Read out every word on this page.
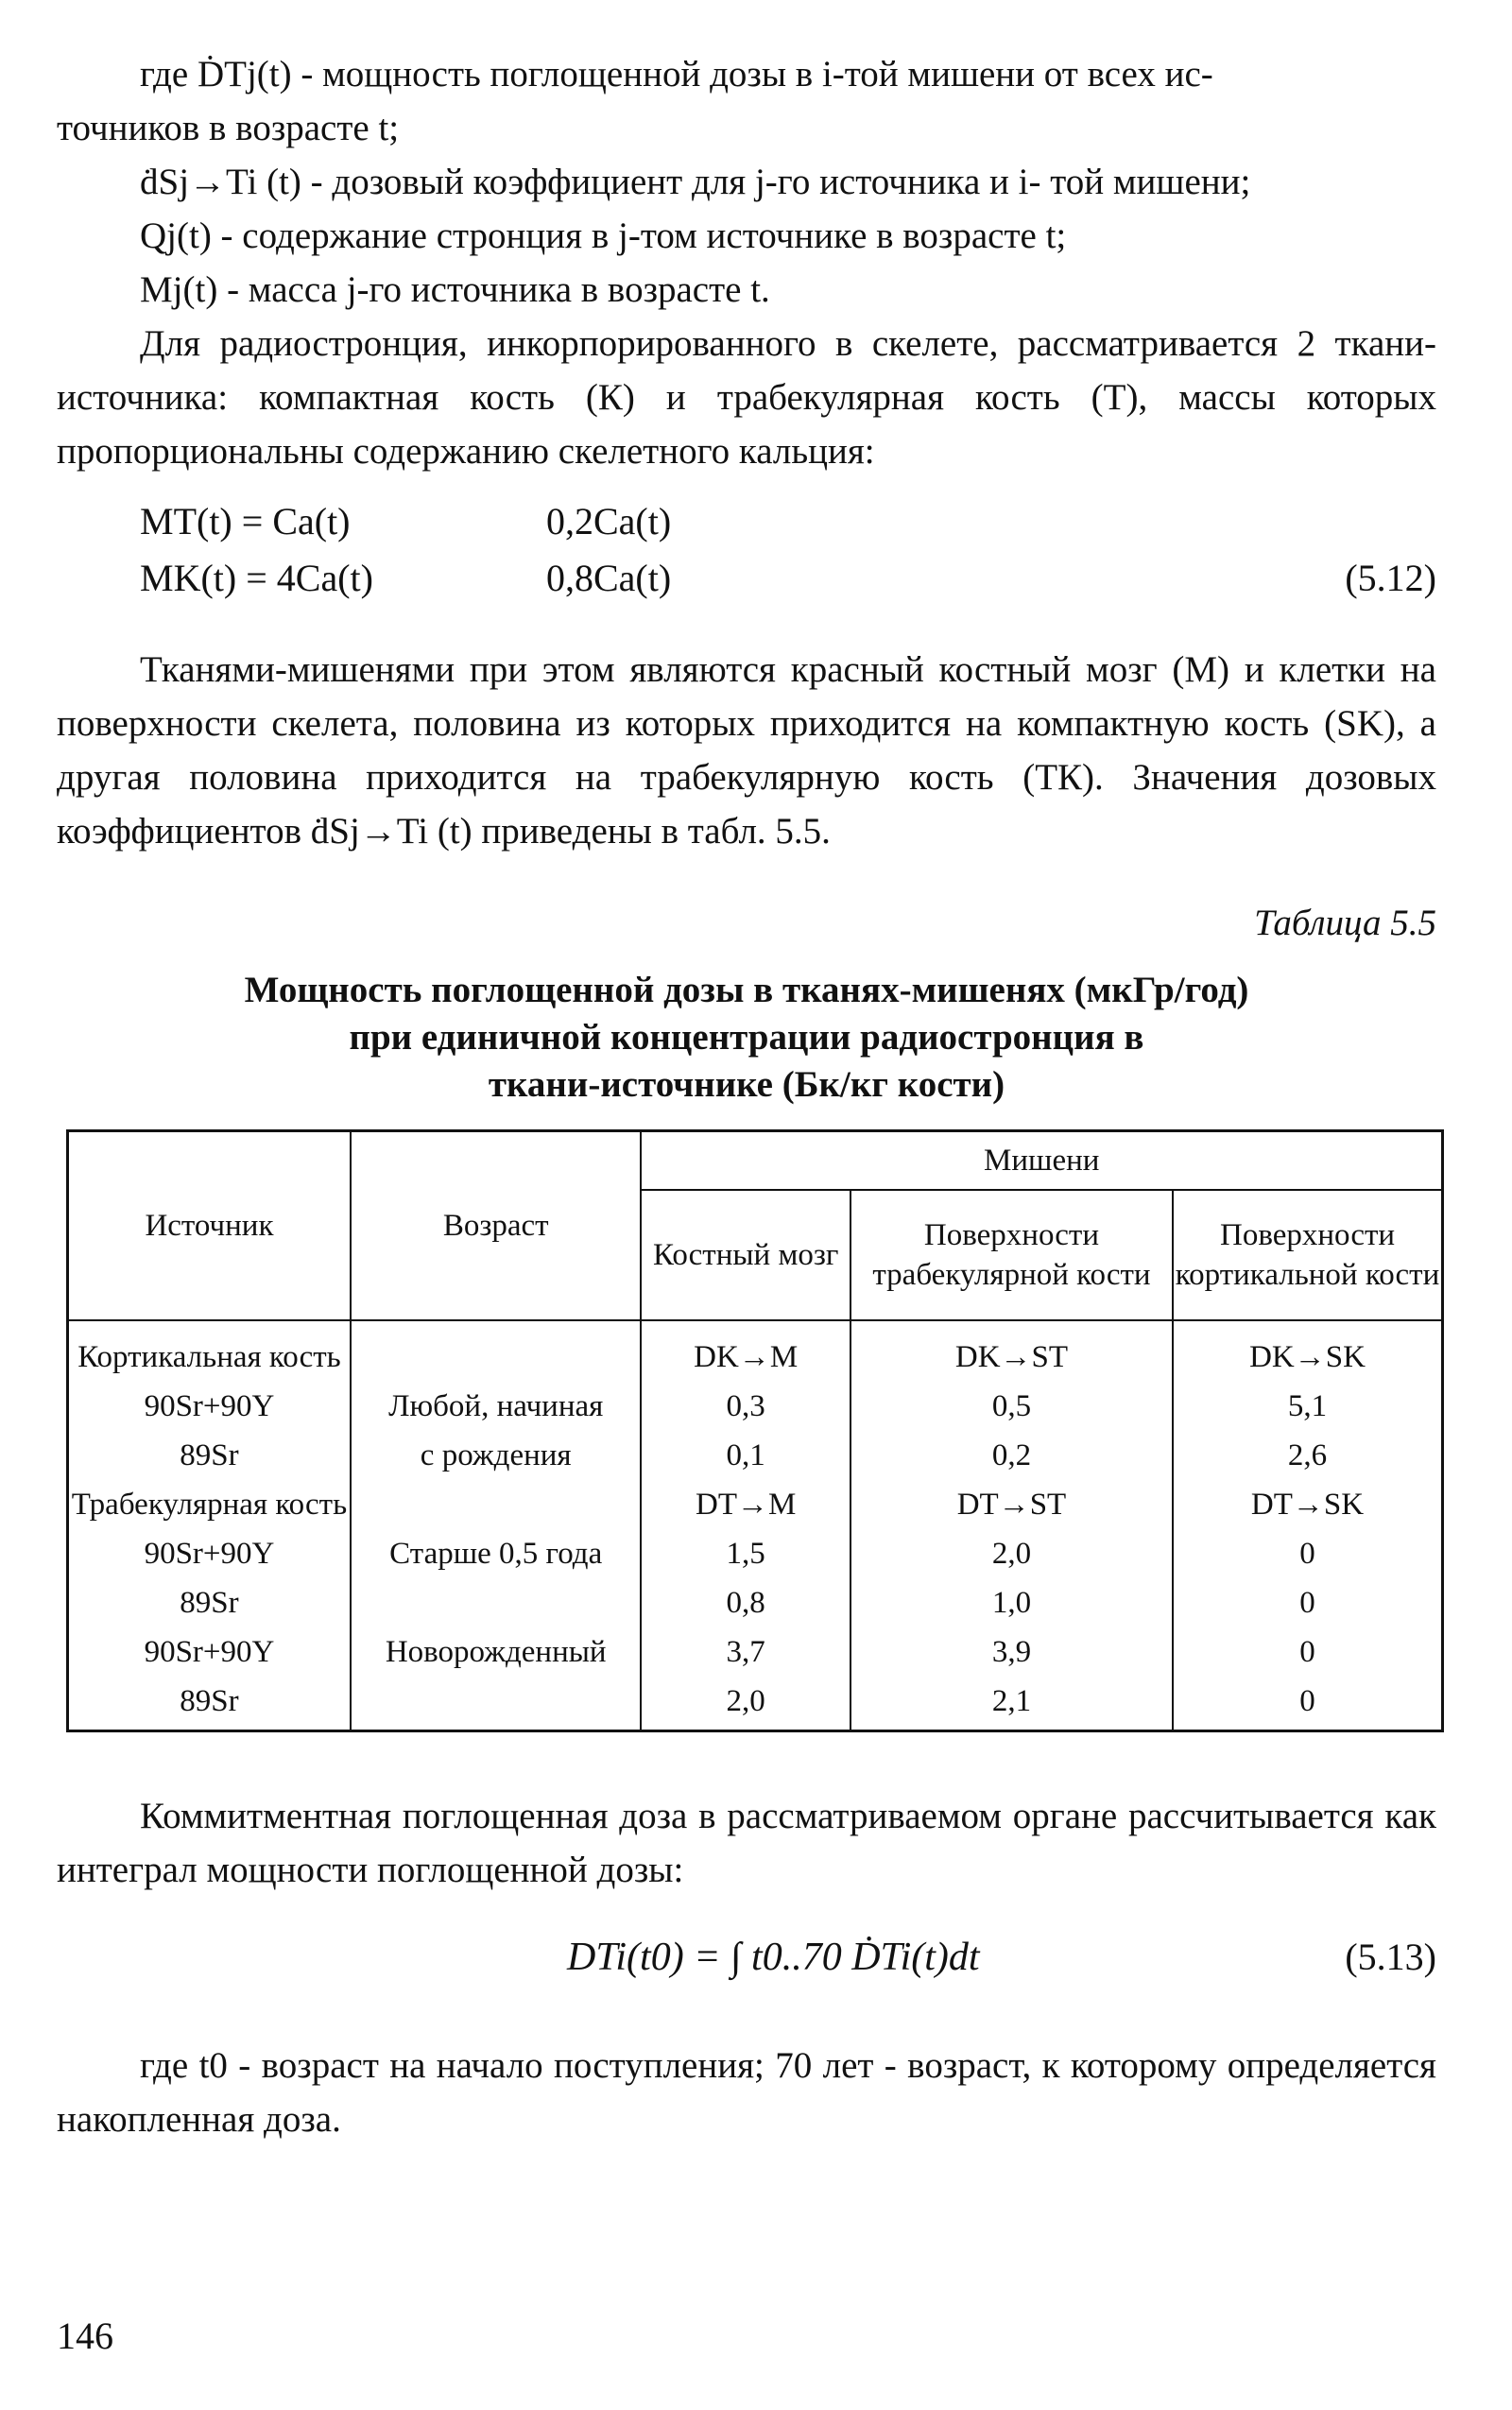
где ḊTj(t) - мощность поглощенной дозы в i-той мишени от всех ис-
точников в возрасте t;
ḋSj→Ti (t) - дозовый коэффициент для j-го источника и i- той мишени;
Qj(t) - содержание стронция в j-том источнике в возрасте t;
Mj(t) - масса j-го источника в возрасте t.

Для радиостронция, инкорпорированного в скелете, рассматривается 2 ткани-источника: компактная кость (К) и трабекулярная кость (Т), массы которых пропорциональны содержанию скелетного кальция:

MT(t) = Ca(t)	0,2Ca(t)
MK(t) = 4Ca(t)	0,8Ca(t)	(5.12)

Тканями-мишенями при этом являются красный костный мозг (М) и клетки на поверхности скелета, половина из которых приходится на компактную кость (SK), а другая половина приходится на трабекулярную кость (ТК). Значения дозовых коэффициентов ḋSj→Ti (t) приведены в табл. 5.5.

Таблица 5.5
Мощность поглощенной дозы в тканях-мишенях (мкГр/год)
при единичной концентрации радиостронция в
ткани-источнике (Бк/кг кости)
Источник	Возраст	Мишени		
		Костный мозг	Поверхности трабекулярной кости	Поверхности кортикальной кости
Кортикальная кость		DK→M	DK→ST	DK→SK
90Sr+90Y	Любой, начиная	0,3	0,5	5,1
89Sr	с рождения	0,1	0,2	2,6
Трабекулярная кость		DT→M	DT→ST	DT→SK
90Sr+90Y	Старше 0,5 года	1,5	2,0	0
89Sr		0,8	1,0	0
90Sr+90Y	Новорожденный	3,7	3,9	0
89Sr		2,0	2,1	0

Коммитментная поглощенная доза в рассматриваемом органе рассчитывается как интеграл мощности поглощенной дозы:

DTi(t0) = ∫ t0..70 ḊTi(t)dt	(5.13)

где t0 - возраст на начало поступления; 70 лет - возраст, к которому определяется накопленная доза.

146
